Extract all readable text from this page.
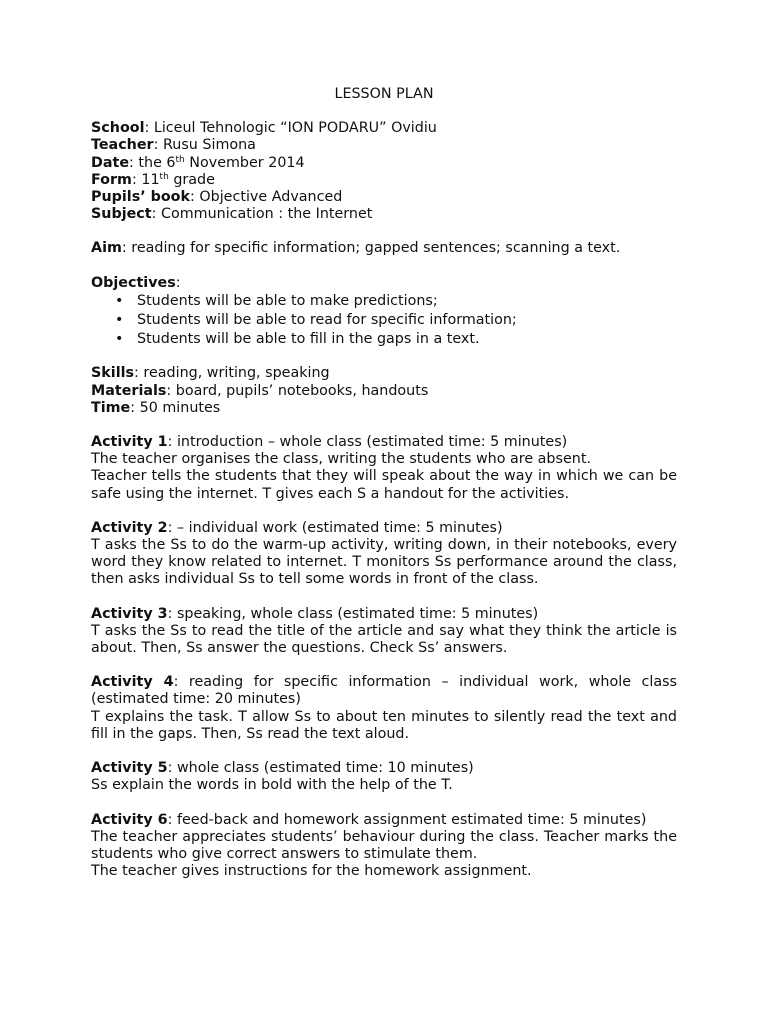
LESSON PLAN

School: Liceul Tehnologic “ION PODARU” Ovidiu

Teacher: Rusu Simona

Date: the 6th November 2014

Form: 11th grade

Pupils’ book: Objective Advanced

Subject: Communication : the Internet

Aim: reading for specific information; gapped sentences; scanning a text.

Objectives:

• Students will be able to make predictions;
• Students will be able to read for specific information;
• Students will be able to fill in the gaps in a text.

Skills: reading, writing, speaking

Materials: board, pupils’ notebooks, handouts

Time: 50 minutes

Activity 1: introduction – whole class (estimated time: 5 minutes)

The teacher organises the class, writing the students who are absent.

Teacher tells the students that they will speak about the way in which we can be safe using the internet. T gives each S a handout for the activities.

Activity 2: – individual work (estimated time: 5 minutes)

T asks the Ss to do the warm-up activity, writing down, in their notebooks, every word they know related to internet. T monitors Ss performance around the class, then asks individual Ss to tell some words in front of the class.

Activity 3: speaking, whole class (estimated time: 5 minutes)

T asks the Ss to read the title of the article and say what they think the article is about. Then, Ss answer the questions. Check Ss’ answers.

Activity 4: reading for specific information – individual work, whole class (estimated time: 20 minutes)

T explains the task. T allow Ss to about ten minutes to silently read the text and fill in the gaps. Then, Ss read the text aloud.

Activity 5: whole class (estimated time: 10 minutes)

Ss explain the words in bold with the help of the T.

Activity 6: feed-back and homework assignment estimated time: 5 minutes)

The teacher appreciates students’ behaviour during the class. Teacher marks the students who give correct answers to stimulate them.

The teacher gives instructions for the homework assignment.
